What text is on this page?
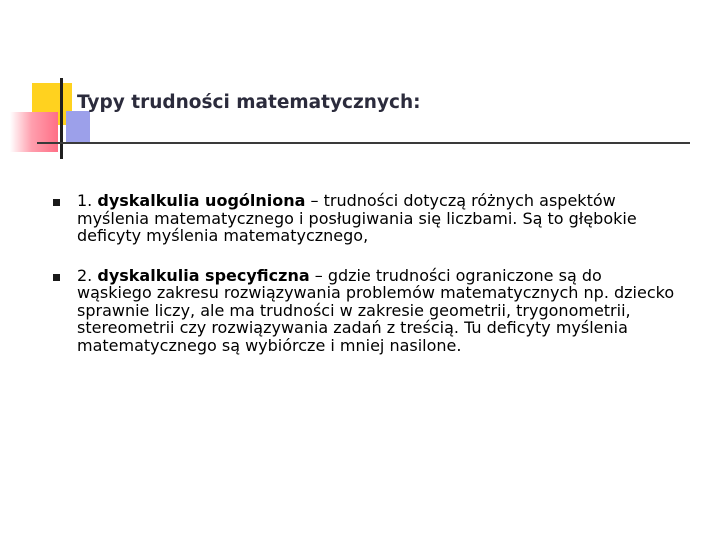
Typy trudności matematycznych:
1. dyskalkulia uogólniona – trudności dotyczą różnych aspektów myślenia matematycznego i posługiwania się liczbami. Są to głębokie deficyty myślenia matematycznego,
2. dyskalkulia specyficzna – gdzie trudności ograniczone są do wąskiego zakresu rozwiązywania problemów matematycznych np. dziecko sprawnie liczy, ale ma trudności w zakresie geometrii, trygonometrii, stereometrii czy rozwiązywania zadań z treścią. Tu deficyty myślenia matematycznego są wybiórcze i mniej nasilone.
